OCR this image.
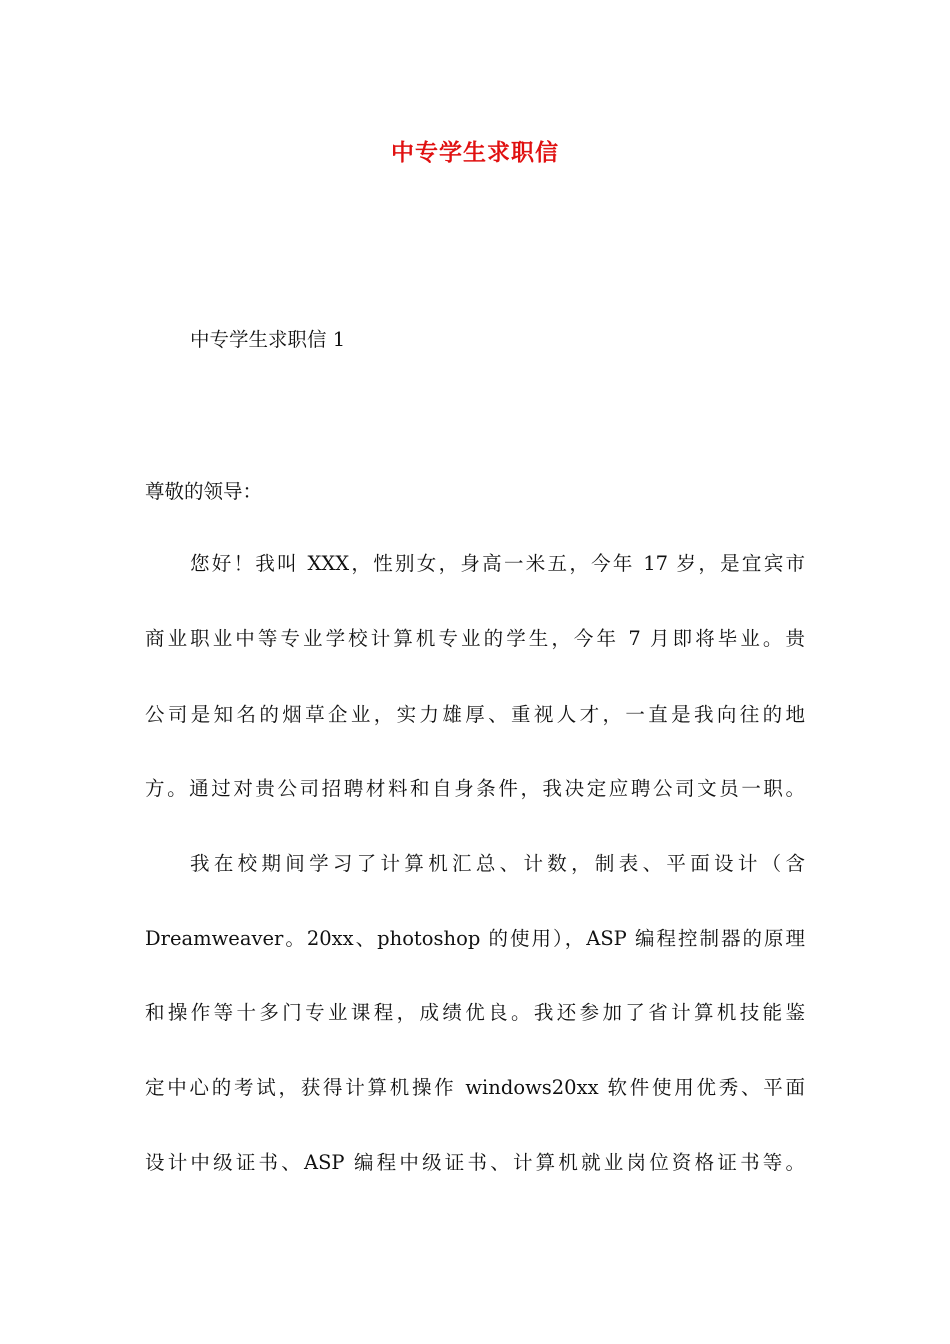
中专学生求职信
中专学生求职信 1
尊敬的领导：
您好！我叫 XXX，性别女，身高一米五，今年 17 岁，是宜宾市
商业职业中等专业学校计算机专业的学生，今年 7 月即将毕业。贵
公司是知名的烟草企业，实力雄厚、重视人才，一直是我向往的地
方。通过对贵公司招聘材料和自身条件，我决定应聘公司文员一职。
我在校期间学习了计算机汇总、计数，制表、平面设计（含
Dreamweaver。20xx、photoshop 的使用），ASP 编程控制器的原理
和操作等十多门专业课程，成绩优良。我还参加了省计算机技能鉴
定中心的考试，获得计算机操作 windows20xx 软件使用优秀、平面
设计中级证书、ASP 编程中级证书、计算机就业岗位资格证书等。
